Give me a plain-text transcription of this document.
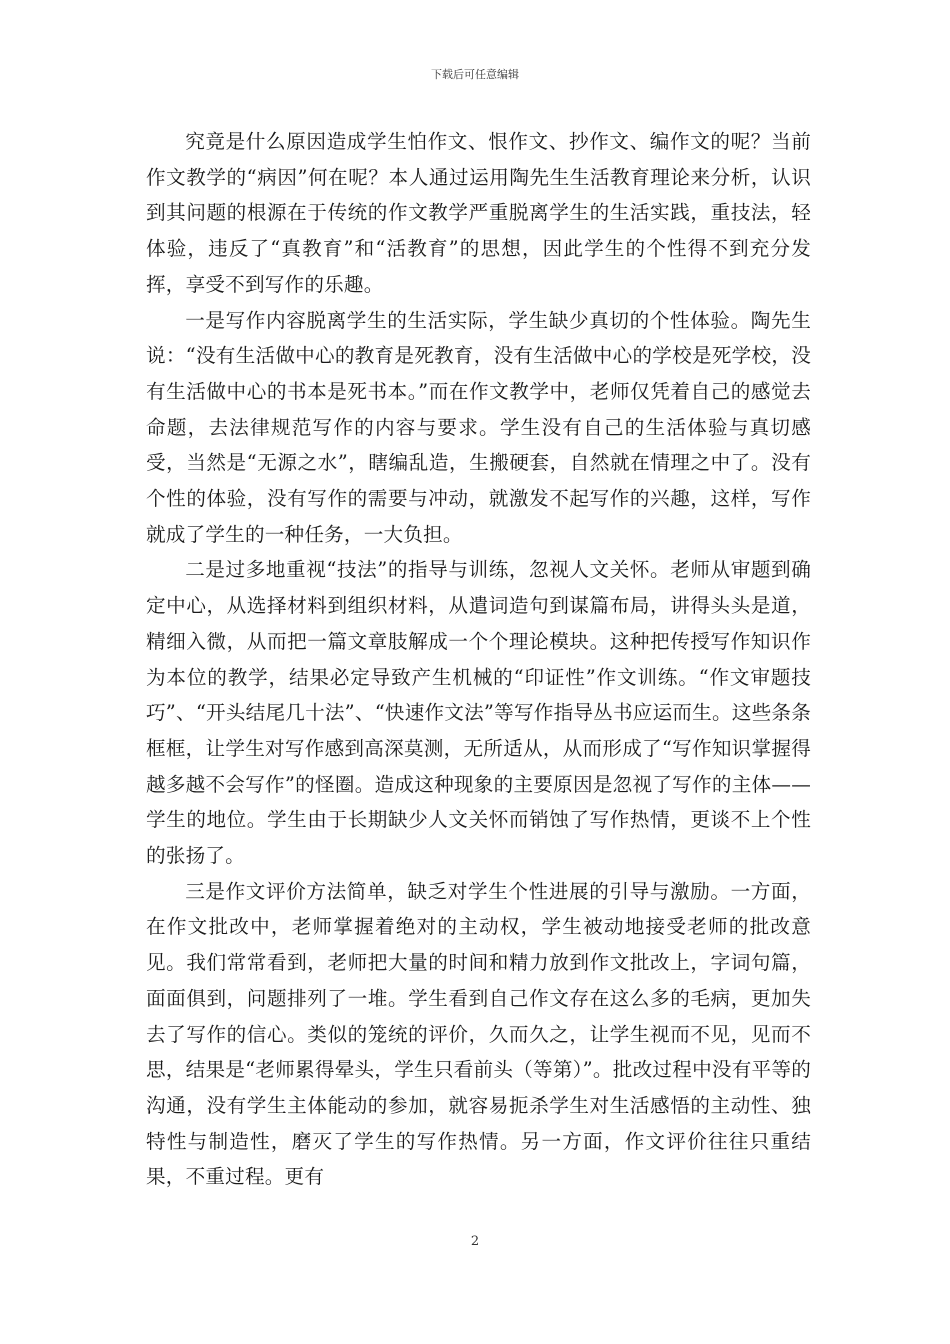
下载后可任意编辑

究竟是什么原因造成学生怕作文、恨作文、抄作文、编作文的呢？当前作文教学的“病因”何在呢？本人通过运用陶先生生活教育理论来分析，认识到其问题的根源在于传统的作文教学严重脱离学生的生活实践，重技法，轻体验，违反了“真教育”和“活教育”的思想，因此学生的个性得不到充分发挥，享受不到写作的乐趣。

一是写作内容脱离学生的生活实际，学生缺少真切的个性体验。陶先生说：“没有生活做中心的教育是死教育，没有生活做中心的学校是死学校，没有生活做中心的书本是死书本。”而在作文教学中，老师仅凭着自己的感觉去命题，去法律规范写作的内容与要求。学生没有自己的生活体验与真切感受，当然是“无源之水”，瞎编乱造，生搬硬套，自然就在情理之中了。没有个性的体验，没有写作的需要与冲动，就激发不起写作的兴趣，这样，写作就成了学生的一种任务，一大负担。

二是过多地重视“技法”的指导与训练，忽视人文关怀。老师从审题到确定中心，从选择材料到组织材料，从遣词造句到谋篇布局，讲得头头是道，精细入微，从而把一篇文章肢解成一个个理论模块。这种把传授写作知识作为本位的教学，结果必定导致产生机械的“印证性”作文训练。“作文审题技巧”、“开头结尾几十法”、“快速作文法”等写作指导丛书应运而生。这些条条框框，让学生对写作感到高深莫测，无所适从，从而形成了“写作知识掌握得越多越不会写作”的怪圈。造成这种现象的主要原因是忽视了写作的主体——学生的地位。学生由于长期缺少人文关怀而销蚀了写作热情，更谈不上个性的张扬了。

三是作文评价方法简单，缺乏对学生个性进展的引导与激励。一方面，在作文批改中，老师掌握着绝对的主动权，学生被动地接受老师的批改意见。我们常常看到，老师把大量的时间和精力放到作文批改上，字词句篇，面面俱到，问题排列了一堆。学生看到自己作文存在这么多的毛病，更加失去了写作的信心。类似的笼统的评价，久而久之，让学生视而不见，见而不思，结果是“老师累得晕头，学生只看前头（等第）”。批改过程中没有平等的沟通，没有学生主体能动的参加，就容易扼杀学生对生活感悟的主动性、独特性与制造性，磨灭了学生的写作热情。另一方面，作文评价往往只重结果，不重过程。更有

2
